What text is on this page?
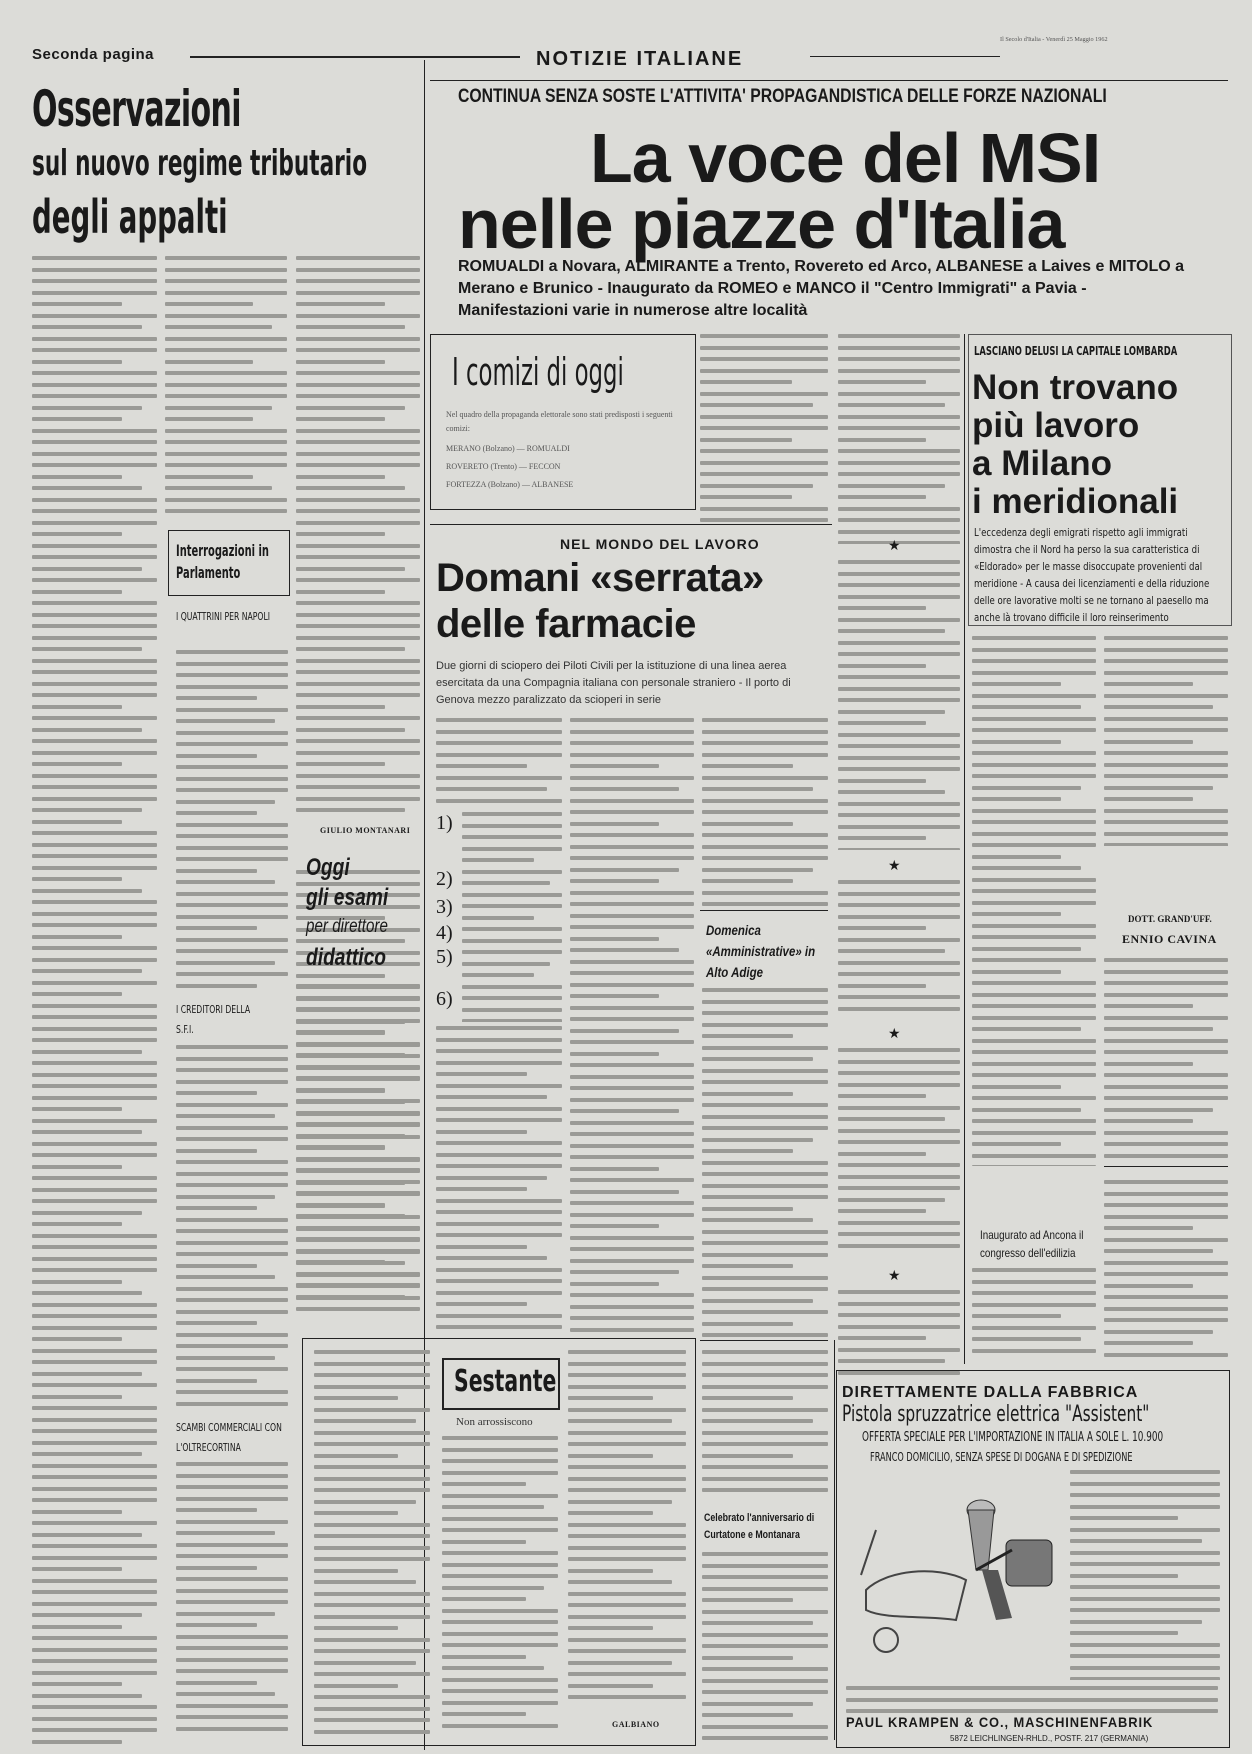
Seconda pagina	NOTIZIE ITALIANE
Il Secolo d'Italia - Venerdì 25 Maggio 1962
Osservazioni
sul nuovo regime tributario
degli appalti
GIULIO MONTANARI
Interrogazioni in Parlamento
I QUATTRINI PER NAPOLI
I CREDITORI DELLA S.F.I.
SCAMBI COMMERCIALI CON L'OLTRECORTINA
CONTINUA SENZA SOSTE L'ATTIVITA' PROPAGANDISTICA DELLE FORZE NAZIONALI
La voce del MSI
nelle piazze d'Italia
ROMUALDI a Novara, ALMIRANTE a Trento, Rovereto ed Arco, ALBANESE a Laives e MITOLO a Merano e Brunico - Inaugurato da ROMEO e MANCO il "Centro Immigrati" a Pavia - Manifestazioni varie in numerose altre località
I comizi di oggi
Nel quadro della propaganda elettorale sono stati predisposti i seguenti comizi:
MERANO (Bolzano) — ROMUALDI
ROVERETO (Trento) — FECCON
FORTEZZA (Bolzano) — ALBANESE
★
★
★
★
NEL MONDO DEL LAVORO
Domani «serrata»
delle farmacie
Due giorni di sciopero dei Piloti Civili per la istituzione di una linea aerea esercitata da una Compagnia italiana con personale straniero - Il porto di Genova mezzo paralizzato da scioperi in serie
1)
2)
3)
4)
5)
6)
Oggi
gli esami
per direttore
didattico
Domenica «Amministrative» in Alto Adige
LASCIANO DELUSI LA CAPITALE LOMBARDA
Non trovano
più lavoro
a Milano
i meridionali
L'eccedenza degli emigrati rispetto agli immigrati dimostra che il Nord ha perso la sua caratteristica di «Eldorado» per le masse disoccupate provenienti dal meridione - A causa dei licenziamenti e della riduzione delle ore lavorative molti se ne tornano al paesello ma anche là trovano difficile il loro reinserimento
DOTT. GRAND'UFF.
ENNIO CAVINA
Inaugurato ad Ancona il congresso dell'edilizia
Celebrato l'anniversario di Curtatone e Montanara
Sestante
Non arrossiscono
GALBIANO
DIRETTAMENTE DALLA FABBRICA
Pistola spruzzatrice elettrica "Assistent"
OFFERTA SPECIALE PER L'IMPORTAZIONE IN ITALIA A SOLE L. 10.900
FRANCO DOMICILIO, SENZA SPESE DI DOGANA E DI SPEDIZIONE
PAUL KRAMPEN & CO., MASCHINENFABRIK
5872 LEICHLINGEN-RHLD., POSTF. 217 (GERMANIA)
